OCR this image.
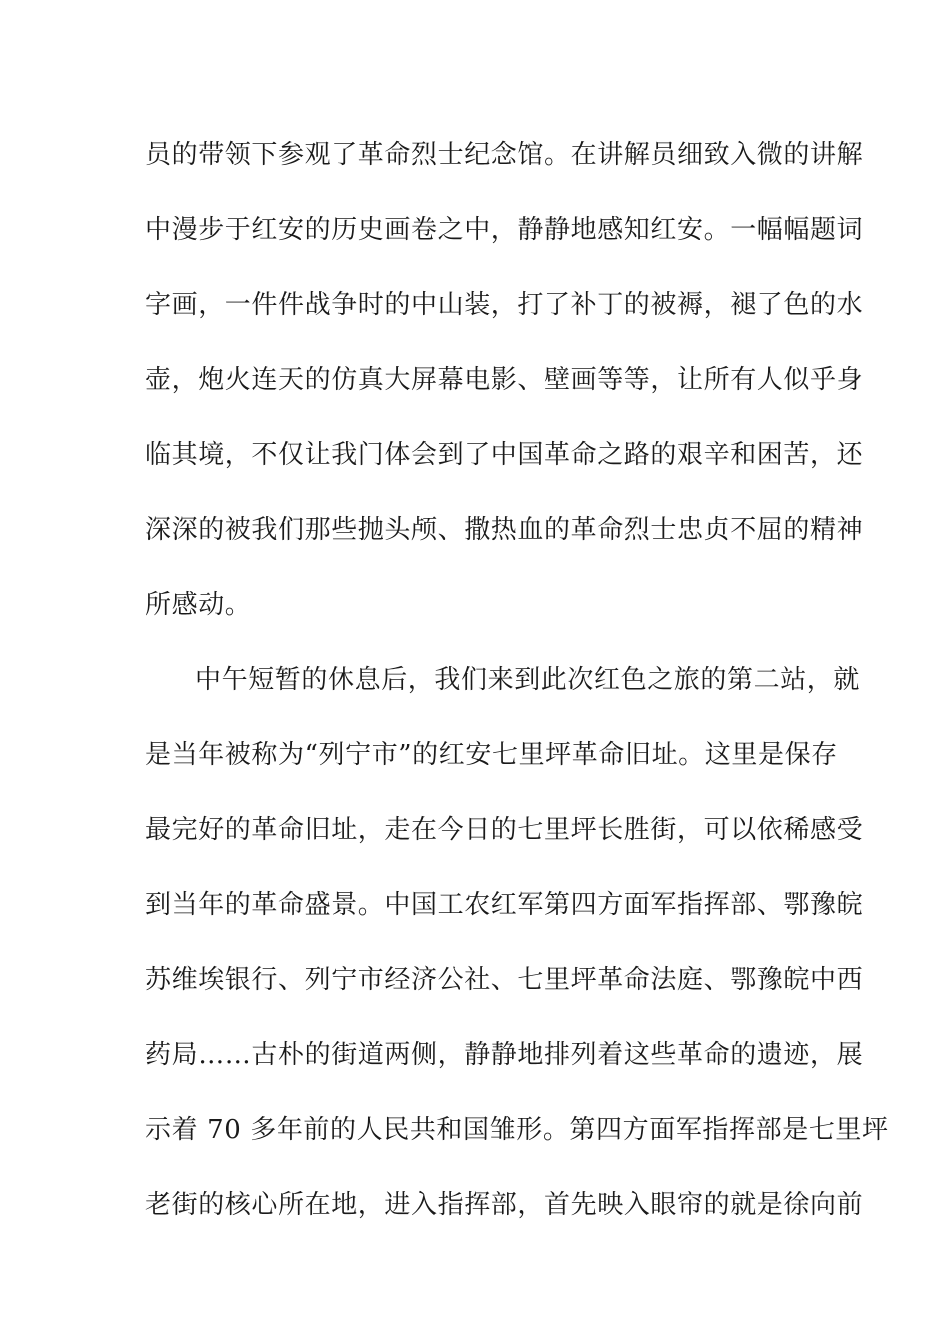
员的带领下参观了革命烈士纪念馆。在讲解员细致入微的讲解
中漫步于红安的历史画卷之中，静静地感知红安。一幅幅题词
字画，一件件战争时的中山装，打了补丁的被褥，褪了色的水
壶，炮火连天的仿真大屏幕电影、壁画等等，让所有人似乎身
临其境，不仅让我门体会到了中国革命之路的艰辛和困苦，还
深深的被我们那些抛头颅、撒热血的革命烈士忠贞不屈的精神
所感动。
中午短暂的休息后，我们来到此次红色之旅的第二站，就
是当年被称为“列宁市”的红安七里坪革命旧址。这里是保存
最完好的革命旧址，走在今日的七里坪长胜街，可以依稀感受
到当年的革命盛景。中国工农红军第四方面军指挥部、鄂豫皖
苏维埃银行、列宁市经济公社、七里坪革命法庭、鄂豫皖中西
药局……古朴的街道两侧，静静地排列着这些革命的遗迹，展
示着 70 多年前的人民共和国雏形。第四方面军指挥部是七里坪
老街的核心所在地，进入指挥部，首先映入眼帘的就是徐向前
